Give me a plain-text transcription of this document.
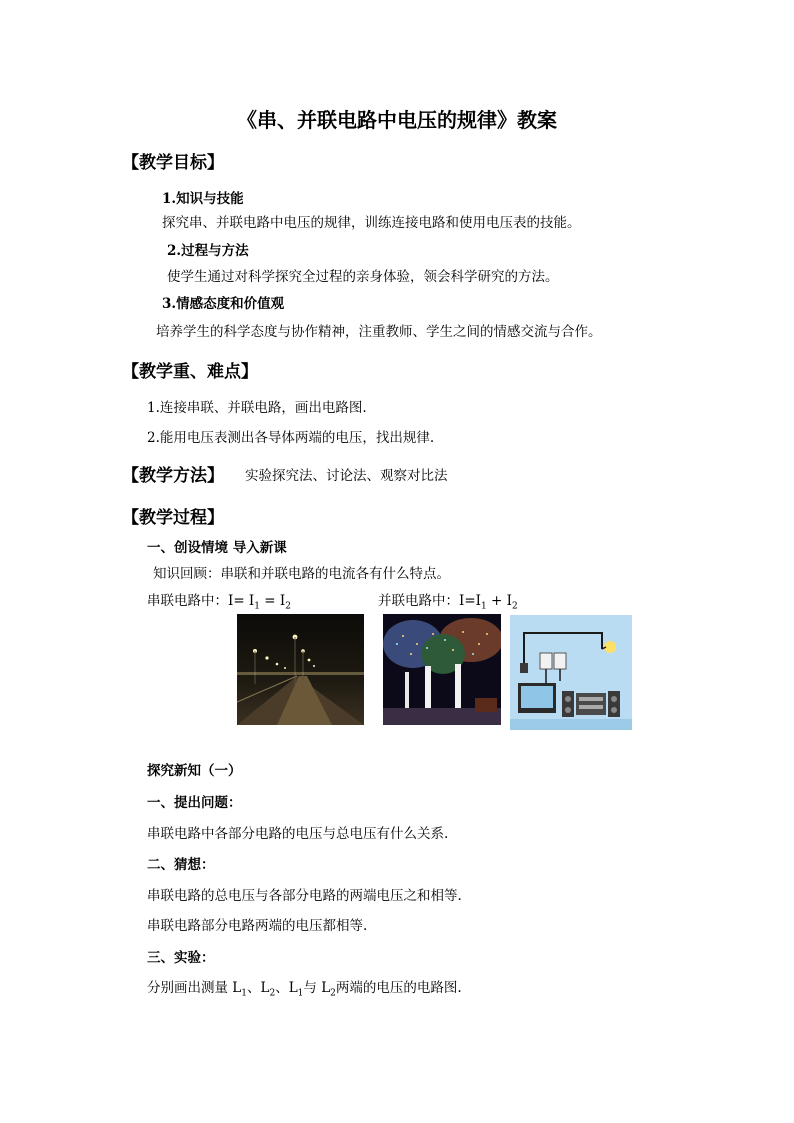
《串、并联电路中电压的规律》教案
【教学目标】
1.知识与技能
探究串、并联电路中电压的规律，训练连接电路和使用电压表的技能。
2.过程与方法
使学生通过对科学探究全过程的亲身体验，领会科学研究的方法。
3.情感态度和价值观
培养学生的科学态度与协作精神，注重教师、学生之间的情感交流与合作。
【教学重、难点】
1.连接串联、并联电路，画出电路图.
2.能用电压表测出各导体两端的电压，找出规律.
【教学方法】 实验探究法、讨论法、观察对比法
【教学过程】
一、创设情境 导入新课
知识回顾：串联和并联电路的电流各有什么特点。
串联电路中：$I= I_1 = I_2$	并联电路中：$I=I_1 + I_2$
探究新知（一）
一、提出问题：
串联电路中各部分电路的电压与总电压有什么关系.
二、猜想：
串联电路的总电压与各部分电路的两端电压之和相等.
串联电路部分电路两端的电压都相等.
三、实验：
分别画出测量 $L_1$、$L_2$、$L_1$与 $L_2$两端的电压的电路图.
